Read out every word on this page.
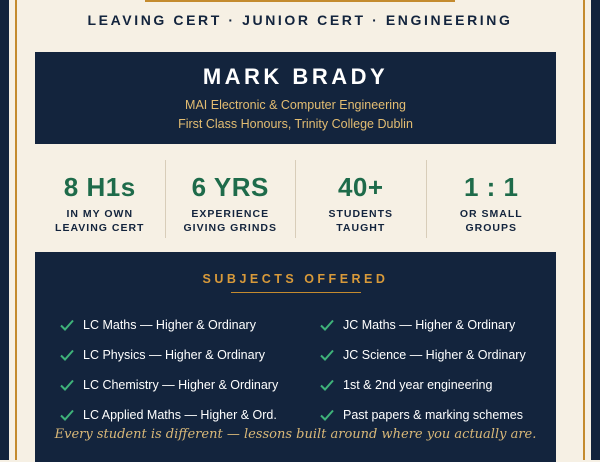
LEAVING CERT · JUNIOR CERT · ENGINEERING
MARK BRADY
MAI Electronic & Computer Engineering
First Class Honours, Trinity College Dublin
8 H1s
IN MY OWN
LEAVING CERT
6 YRS
EXPERIENCE
GIVING GRINDS
40+
STUDENTS
TAUGHT
1 : 1
OR SMALL
GROUPS
SUBJECTS OFFERED
LC Maths — Higher & Ordinary
LC Physics — Higher & Ordinary
LC Chemistry — Higher & Ordinary
LC Applied Maths — Higher & Ord.
JC Maths — Higher & Ordinary
JC Science — Higher & Ordinary
1st & 2nd year engineering
Past papers & marking schemes
Every student is different — lessons built around where you actually are.
